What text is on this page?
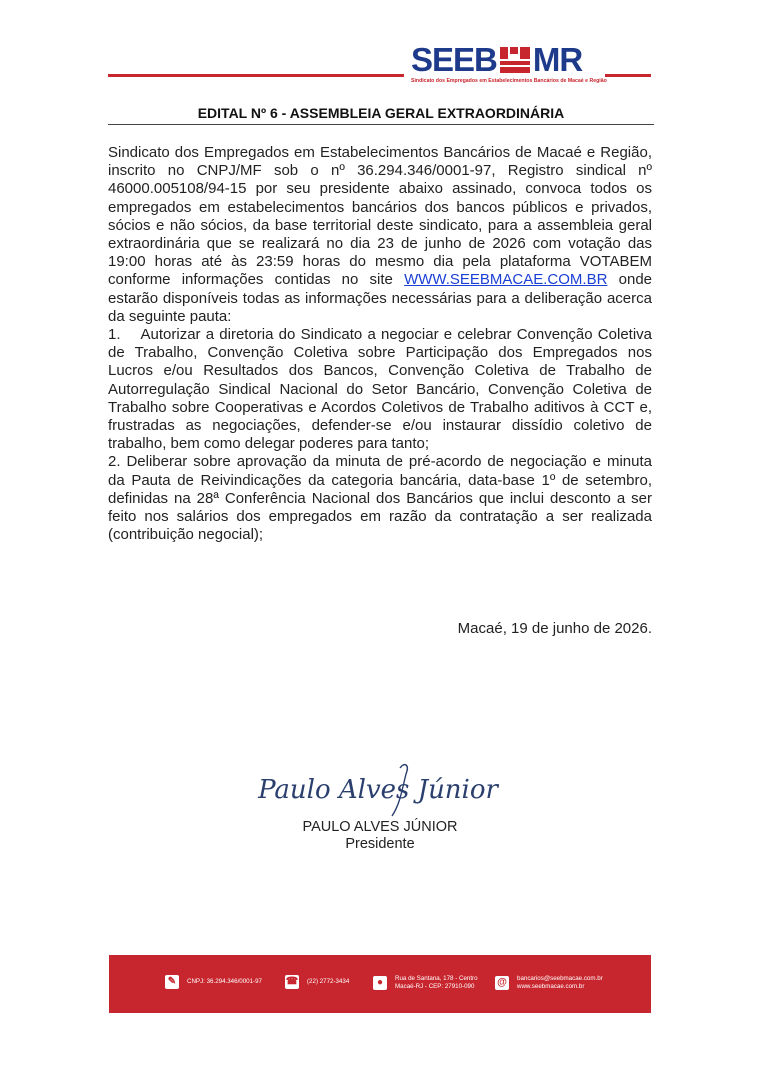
SEEB MR
Sindicato dos Empregados em Estabelecimentos Bancários de Macaé e Região
EDITAL Nº 6 - ASSEMBLEIA GERAL EXTRAORDINÁRIA

Sindicato dos Empregados em Estabelecimentos Bancários de Macaé e Região, inscrito no CNPJ/MF sob o nº 36.294.346/0001-97, Registro sindical nº 46000.005108/94-15 por seu presidente abaixo assinado, convoca todos os empregados em estabelecimentos bancários dos bancos públicos e privados, sócios e não sócios, da base territorial deste sindicato, para a assembleia geral extraordinária que se realizará no dia 23 de junho de 2026 com votação das 19:00 horas até às 23:59 horas do mesmo dia pela plataforma VOTABEM conforme informações contidas no site WWW.SEEBMACAE.COM.BR onde estarão disponíveis todas as informações necessárias para a deliberação acerca da seguinte pauta:

1.    Autorizar a diretoria do Sindicato a negociar e celebrar Convenção Coletiva de Trabalho, Convenção Coletiva sobre Participação dos Empregados nos Lucros e/ou Resultados dos Bancos, Convenção Coletiva de Trabalho de Autorregulação Sindical Nacional do Setor Bancário, Convenção Coletiva de Trabalho sobre Cooperativas e Acordos Coletivos de Trabalho aditivos à CCT e, frustradas as negociações, defender-se e/ou instaurar dissídio coletivo de trabalho, bem como delegar poderes para tanto;

2. Deliberar sobre aprovação da minuta de pré-acordo de negociação e minuta da Pauta de Reivindicações da categoria bancária, data-base 1º de setembro, definidas na 28ª Conferência Nacional dos Bancários que inclui desconto a ser feito nos salários dos empregados em razão da contratação a ser realizada (contribuição negocial);

Macaé, 19 de junho de 2026.
Paulo Alves Júnior
PAULO ALVES JÚNIOR
Presidente
✎	CNPJ: 36.294.346/0001-97 ☎ (22) 2772-3434	●	Rua de Santana, 178 - Centro
Macaé-RJ - CEP: 27910-090	@	bancarios@seebmacae.com.br
www.seebmacae.com.br
